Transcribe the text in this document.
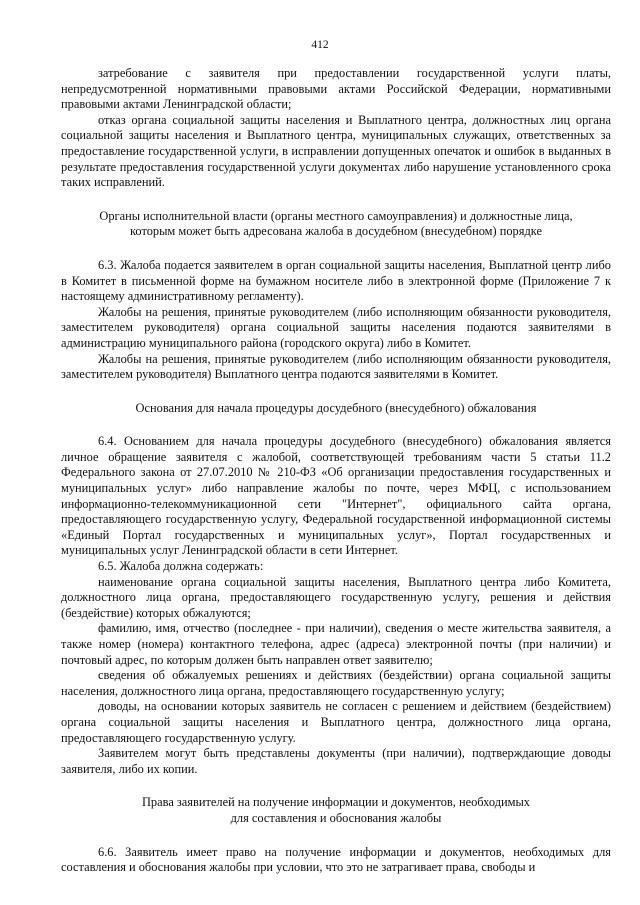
412

затребование с заявителя при предоставлении государственной услуги платы, непредусмотренной нормативными правовыми актами Российской Федерации, нормативными правовыми актами Ленинградской области;

отказ органа социальной защиты населения и Выплатного центра, должностных лиц органа социальной защиты населения и Выплатного центра, муниципальных служащих, ответственных за предоставление государственной услуги, в исправлении допущенных опечаток и ошибок в выданных в результате предоставления государственной услуги документах либо нарушение установленного срока таких исправлений.

Органы исполнительной власти (органы местного самоуправления) и должностные лица,
которым может быть адресована жалоба в досудебном (внесудебном) порядке

6.3. Жалоба подается заявителем в орган социальной защиты населения, Выплатной центр либо в Комитет в письменной форме на бумажном носителе либо в электронной форме (Приложение 7 к настоящему административному регламенту).

Жалобы на решения, принятые руководителем (либо исполняющим обязанности руководителя, заместителем руководителя) органа социальной защиты населения подаются заявителями в администрацию муниципального района (городского округа) либо в Комитет.

Жалобы на решения, принятые руководителем (либо исполняющим обязанности руководителя, заместителем руководителя) Выплатного центра подаются заявителями в Комитет.

Основания для начала процедуры досудебного (внесудебного) обжалования

6.4. Основанием для начала процедуры досудебного (внесудебного) обжалования является личное обращение заявителя с жалобой, соответствующей требованиям части 5 статьи 11.2 Федерального закона от 27.07.2010 № 210-ФЗ «Об организации предоставления государственных и муниципальных услуг» либо направление жалобы по почте, через МФЦ, с использованием информационно-телекоммуникационной сети "Интернет", официального сайта органа, предоставляющего государственную услугу, Федеральной государственной информационной системы «Единый Портал государственных и муниципальных услуг», Портал государственных и муниципальных услуг Ленинградской области в сети Интернет.

6.5. Жалоба должна содержать:

наименование органа социальной защиты населения, Выплатного центра либо Комитета, должностного лица органа, предоставляющего государственную услугу, решения и действия (бездействие) которых обжалуются;

фамилию, имя, отчество (последнее - при наличии), сведения о месте жительства заявителя, а также номер (номера) контактного телефона, адрес (адреса) электронной почты (при наличии) и почтовый адрес, по которым должен быть направлен ответ заявителю;

сведения об обжалуемых решениях и действиях (бездействии) органа социальной защиты населения, должностного лица органа, предоставляющего государственную услугу;

доводы, на основании которых заявитель не согласен с решением и действием (бездействием) органа социальной защиты населения и Выплатного центра, должностного лица органа, предоставляющего государственную услугу.

Заявителем могут быть представлены документы (при наличии), подтверждающие доводы заявителя, либо их копии.

Права заявителей на получение информации и документов, необходимых
для составления и обоснования жалобы

6.6. Заявитель имеет право на получение информации и документов, необходимых для составления и обоснования жалобы при условии, что это не затрагивает права, свободы и
